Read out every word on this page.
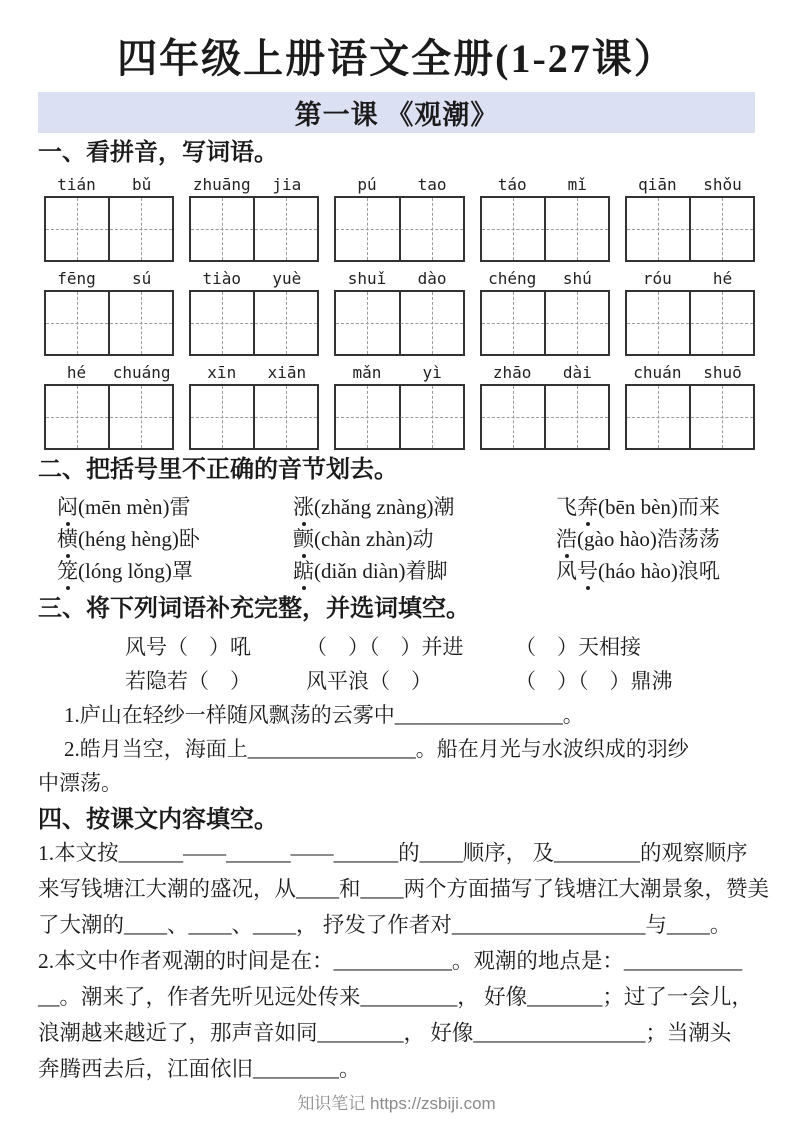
四年级上册语文全册(1-27课）
第一课 《观潮》
一、看拼音，写词语。
tián	bǔ	zhuāng	jia	pú	tao	táo	mǐ	qiān	shǒu
fēng	sú	tiào	yuè	shuǐ	dào	chéng	shú	róu	hé
hé	chuáng	xīn	xiān	mǎn	yì	zhāo	dài	chuán	shuō
二、把括号里不正确的音节划去。
闷(mēn mèn)雷	涨(zhǎng znàng)潮	飞奔(bēn bèn)而来
横(héng hèng)卧	颤(chàn zhàn)动	浩(gào hào)浩荡荡
笼(lóng lǒng)罩	踮(diǎn diàn)着脚	风号(háo hào)浪吼
三、将下列词语补充完整，并选词填空。
风号（　）吼	（　）（　）并进	（　）天相接
若隐若（　）	风平浪（　）	（　）（　）鼎沸
1.庐山在轻纱一样随风飘荡的云雾中________________。
2.皓月当空，海面上________________。船在月光与水波织成的羽纱
中漂荡。
四、按课文内容填空。
1.本文按______——______——______的____顺序， 及________的观察顺序
来写钱塘江大潮的盛况，从____和____两个方面描写了钱塘江大潮景象，赞美
了大潮的____、____、____， 抒发了作者对__________________与____。
2.本文中作者观潮的时间是在：___________。观潮的地点是：___________
__。潮来了，作者先听见远处传来_________， 好像_______；过了一会儿，
浪潮越来越近了，那声音如同________， 好像________________；当潮头
奔腾西去后，江面依旧________。
知识笔记 https://zsbiji.com
